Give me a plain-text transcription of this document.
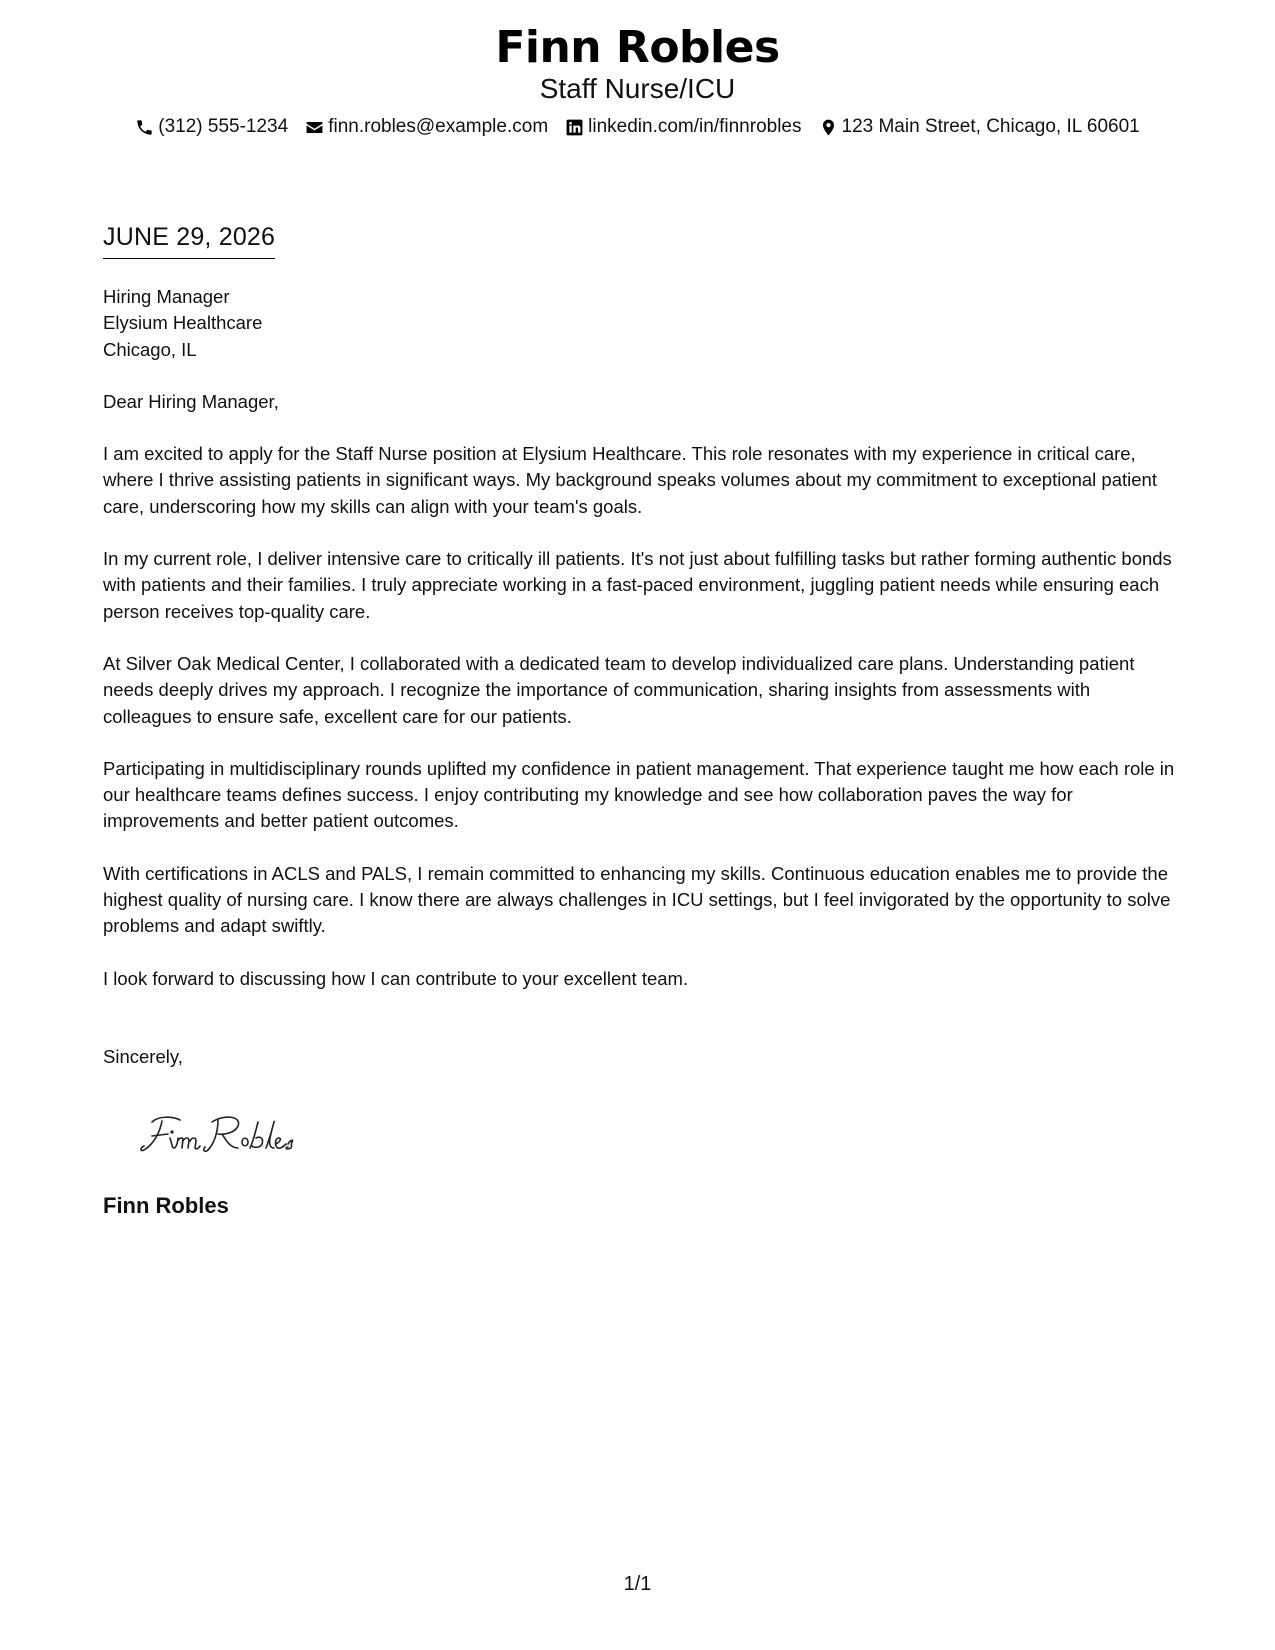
Finn Robles
Staff Nurse/ICU
(312) 555-1234 finn.robles@example.com linkedin.com/in/finnrobles 123 Main Street, Chicago, IL 60601
JUNE 29, 2026
Hiring Manager
Elysium Healthcare
Chicago, IL
Dear Hiring Manager,

I am excited to apply for the Staff Nurse position at Elysium Healthcare. This role resonates with my experience in critical care, where I thrive assisting patients in significant ways. My background speaks volumes about my commitment to exceptional patient care, underscoring how my skills can align with your team's goals.

In my current role, I deliver intensive care to critically ill patients. It's not just about fulfilling tasks but rather forming authentic bonds with patients and their families. I truly appreciate working in a fast-paced environment, juggling patient needs while ensuring each person receives top-quality care.

At Silver Oak Medical Center, I collaborated with a dedicated team to develop individualized care plans. Understanding patient needs deeply drives my approach. I recognize the importance of communication, sharing insights from assessments with colleagues to ensure safe, excellent care for our patients.

Participating in multidisciplinary rounds uplifted my confidence in patient management. That experience taught me how each role in our healthcare teams defines success. I enjoy contributing my knowledge and see how collaboration paves the way for improvements and better patient outcomes.

With certifications in ACLS and PALS, I remain committed to enhancing my skills. Continuous education enables me to provide the highest quality of nursing care. I know there are always challenges in ICU settings, but I feel invigorated by the opportunity to solve problems and adapt swiftly.

I look forward to discussing how I can contribute to your excellent team.

Sincerely,
Finn Robles
1/1
